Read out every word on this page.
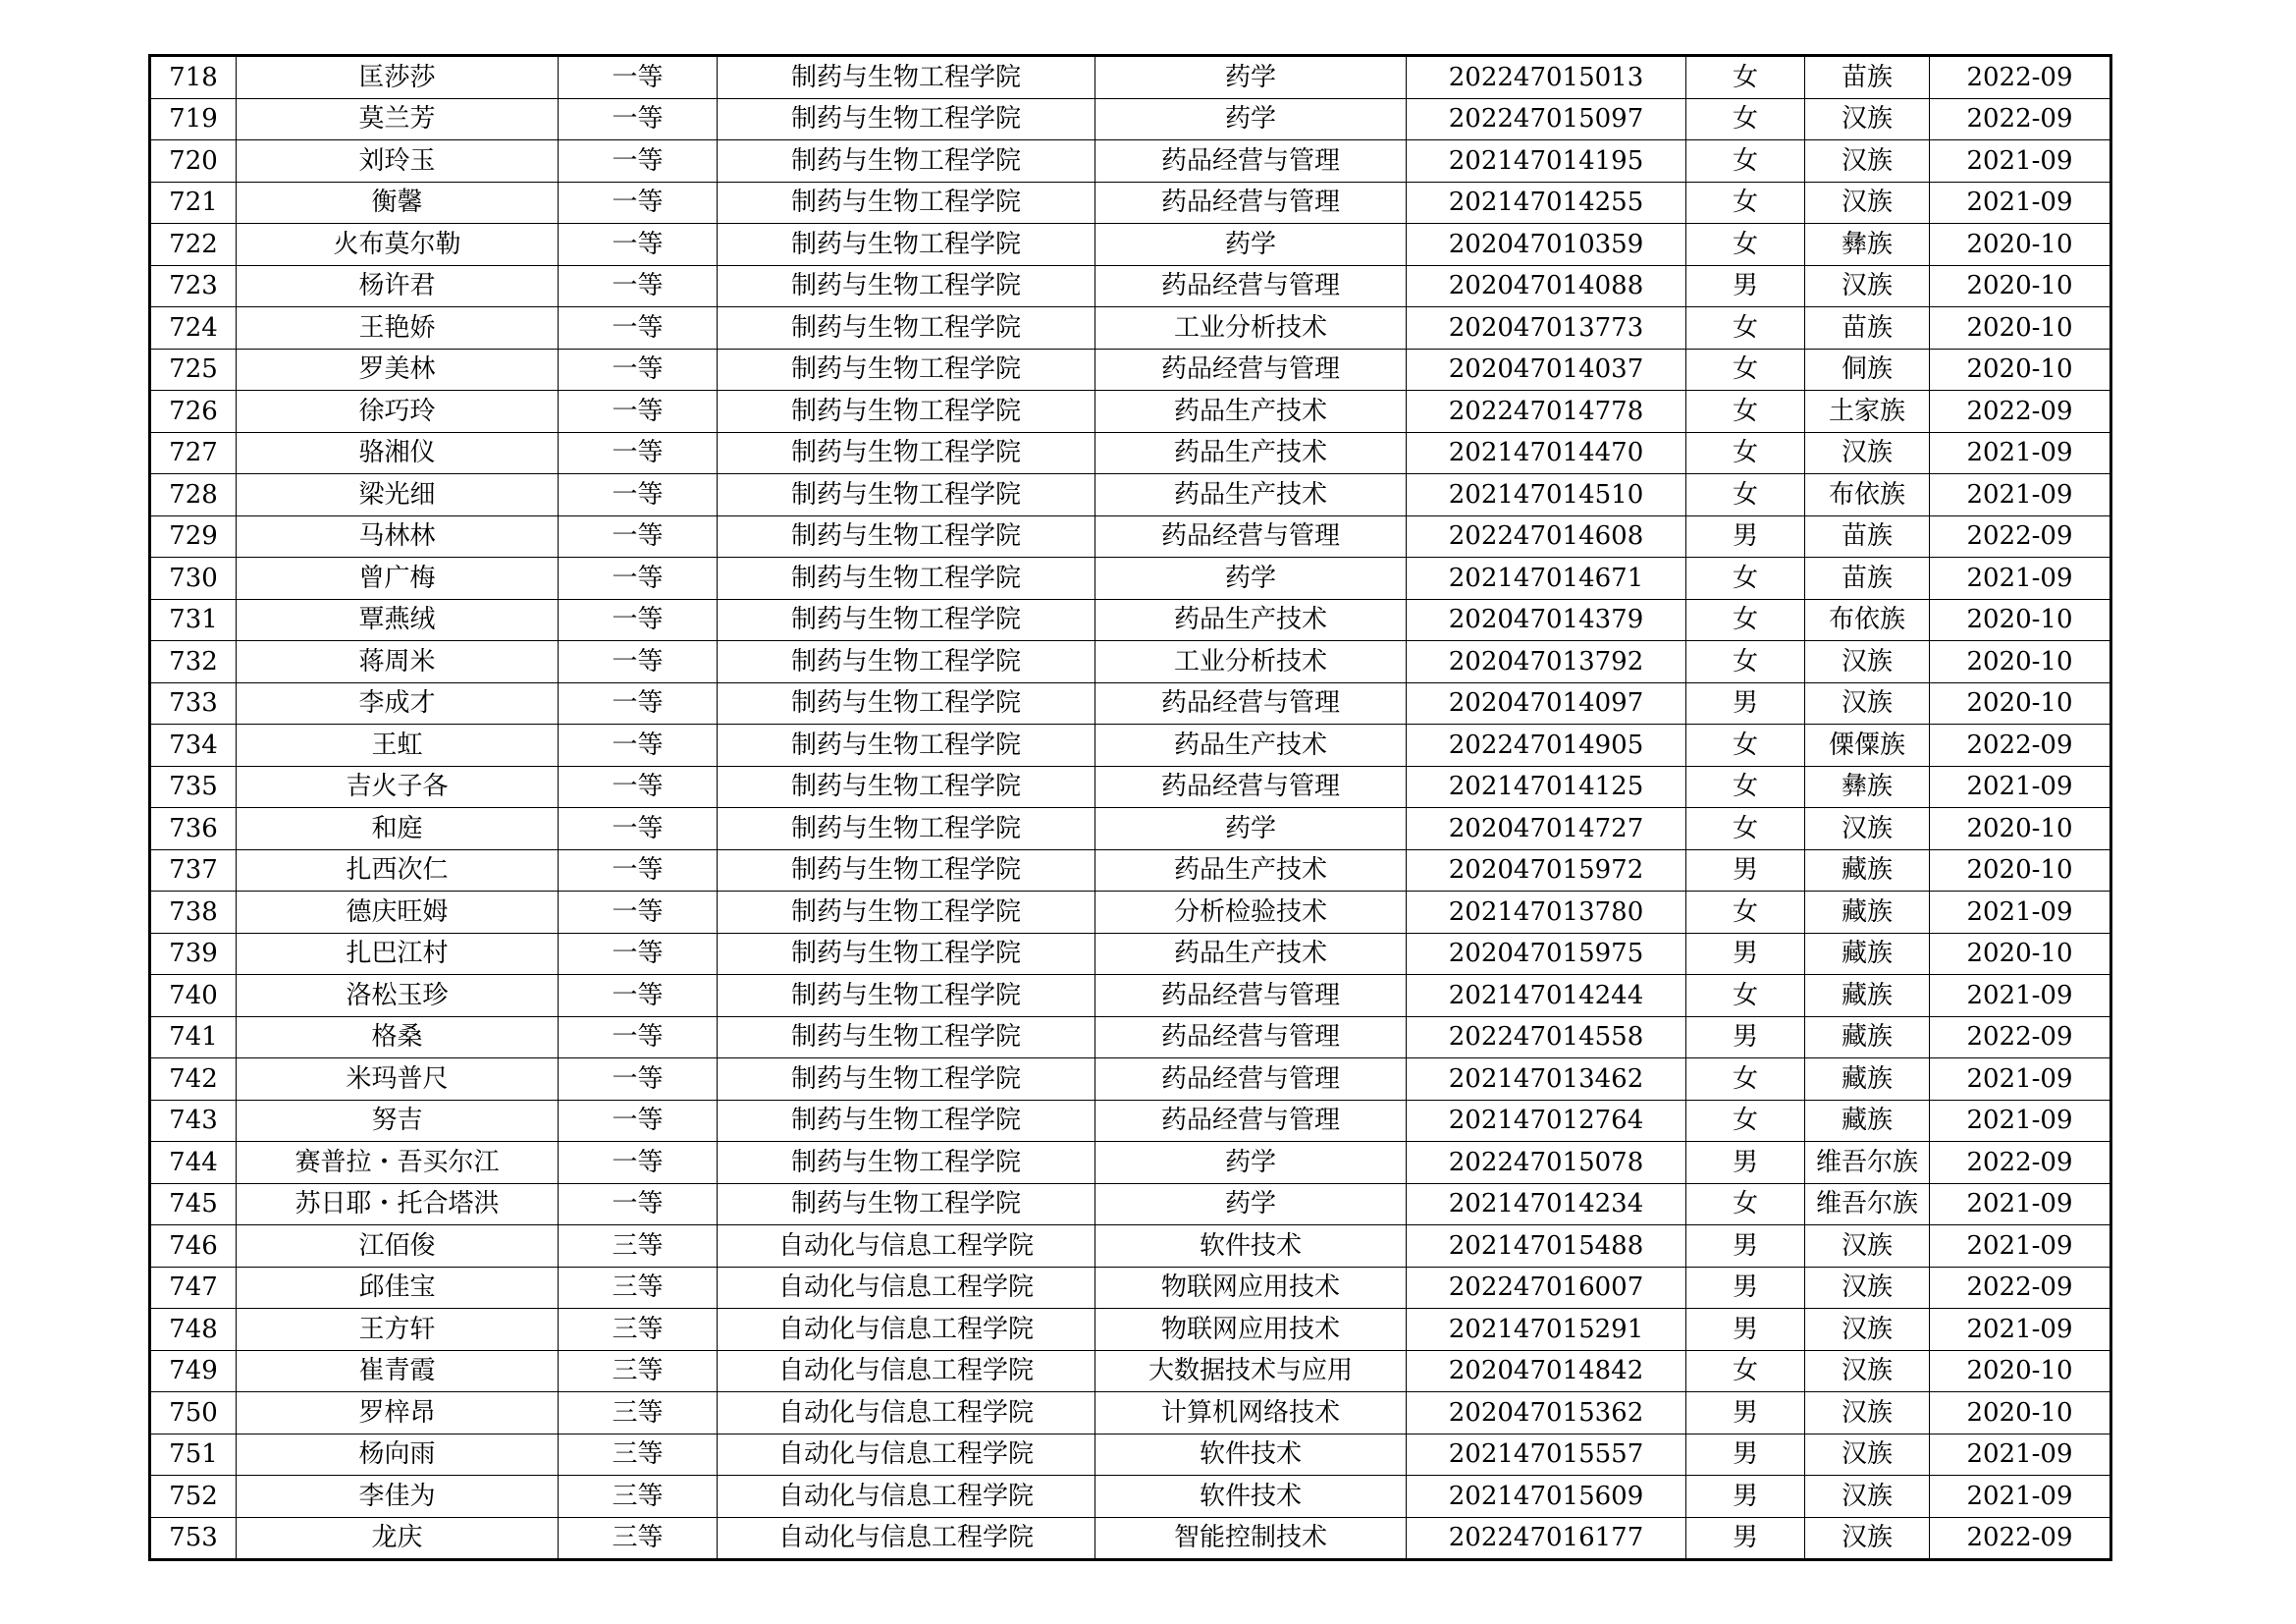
718	匡莎莎	一等	制药与生物工程学院	药学	202247015013	女	苗族	2022-09
719	莫兰芳	一等	制药与生物工程学院	药学	202247015097	女	汉族	2022-09
720	刘玲玉	一等	制药与生物工程学院	药品经营与管理	202147014195	女	汉族	2021-09
721	衡馨	一等	制药与生物工程学院	药品经营与管理	202147014255	女	汉族	2021-09
722	火布莫尔勒	一等	制药与生物工程学院	药学	202047010359	女	彝族	2020-10
723	杨许君	一等	制药与生物工程学院	药品经营与管理	202047014088	男	汉族	2020-10
724	王艳娇	一等	制药与生物工程学院	工业分析技术	202047013773	女	苗族	2020-10
725	罗美林	一等	制药与生物工程学院	药品经营与管理	202047014037	女	侗族	2020-10
726	徐巧玲	一等	制药与生物工程学院	药品生产技术	202247014778	女	土家族	2022-09
727	骆湘仪	一等	制药与生物工程学院	药品生产技术	202147014470	女	汉族	2021-09
728	梁光细	一等	制药与生物工程学院	药品生产技术	202147014510	女	布依族	2021-09
729	马林林	一等	制药与生物工程学院	药品经营与管理	202247014608	男	苗族	2022-09
730	曾广梅	一等	制药与生物工程学院	药学	202147014671	女	苗族	2021-09
731	覃燕绒	一等	制药与生物工程学院	药品生产技术	202047014379	女	布依族	2020-10
732	蒋周米	一等	制药与生物工程学院	工业分析技术	202047013792	女	汉族	2020-10
733	李成才	一等	制药与生物工程学院	药品经营与管理	202047014097	男	汉族	2020-10
734	王虹	一等	制药与生物工程学院	药品生产技术	202247014905	女	傈僳族	2022-09
735	吉火子各	一等	制药与生物工程学院	药品经营与管理	202147014125	女	彝族	2021-09
736	和庭	一等	制药与生物工程学院	药学	202047014727	女	汉族	2020-10
737	扎西次仁	一等	制药与生物工程学院	药品生产技术	202047015972	男	藏族	2020-10
738	德庆旺姆	一等	制药与生物工程学院	分析检验技术	202147013780	女	藏族	2021-09
739	扎巴江村	一等	制药与生物工程学院	药品生产技术	202047015975	男	藏族	2020-10
740	洛松玉珍	一等	制药与生物工程学院	药品经营与管理	202147014244	女	藏族	2021-09
741	格桑	一等	制药与生物工程学院	药品经营与管理	202247014558	男	藏族	2022-09
742	米玛普尺	一等	制药与生物工程学院	药品经营与管理	202147013462	女	藏族	2021-09
743	努吉	一等	制药与生物工程学院	药品经营与管理	202147012764	女	藏族	2021-09
744	赛普拉・吾买尔江	一等	制药与生物工程学院	药学	202247015078	男	维吾尔族	2022-09
745	苏日耶・托合塔洪	一等	制药与生物工程学院	药学	202147014234	女	维吾尔族	2021-09
746	江佰俊	三等	自动化与信息工程学院	软件技术	202147015488	男	汉族	2021-09
747	邱佳宝	三等	自动化与信息工程学院	物联网应用技术	202247016007	男	汉族	2022-09
748	王方轩	三等	自动化与信息工程学院	物联网应用技术	202147015291	男	汉族	2021-09
749	崔青霞	三等	自动化与信息工程学院	大数据技术与应用	202047014842	女	汉族	2020-10
750	罗梓昂	三等	自动化与信息工程学院	计算机网络技术	202047015362	男	汉族	2020-10
751	杨向雨	三等	自动化与信息工程学院	软件技术	202147015557	男	汉族	2021-09
752	李佳为	三等	自动化与信息工程学院	软件技术	202147015609	男	汉族	2021-09
753	龙庆	三等	自动化与信息工程学院	智能控制技术	202247016177	男	汉族	2022-09
